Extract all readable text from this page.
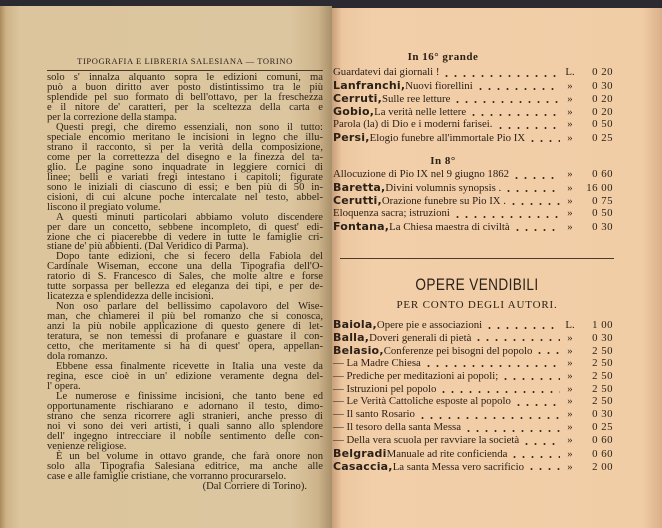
TIPOGRAFIA E LIBRERIA SALESIANA — TORINO
solo s' innalza alquanto sopra le edizioni comuni, ma
può a buon diritto aver posto distintissimo tra le più
splendide pel suo formato di bell'ottavo, per la freschezza
e il nitore de' caratteri, per la sceltezza della carta e
per la correzione della stampa.
Questi pregi, che diremo essenziali, non sono il tutto:
speciale encomio meritano le incisioni in legno che illu-
strano il racconto, sì per la verità della composizione,
come per la correttezza del disegno e la finezza del ta-
glio. Le pagine sono inquadrate in leggiere cornici di
linee; belli e variati fregi intestano i capitoli; figurate
sono le iniziali di ciascuno di essi; e ben più di 50 in-
cisioni, di cui alcune poche intercalate nel testo, abbel-
liscono il pregiato volume.
A questi minuti particolari abbiamo voluto discendere
per dare un concetto, sebbene incompleto, di quest' edi-
zione che ci piacerebbe di vedere in tutte le famiglie cri-
stiane de' più abbienti. (Dal Veridico di Parma).
Dopo tante edizioni, che si fecero della Fabiola del
Cardinale Wiseman, eccone una della Tipografia dell'O-
ratorio di S. Francesco di Sales, che molte altre e forse
tutte sorpassa per bellezza ed eleganza dei tipi, e per de-
licatezza e splendidezza delle incisioni.
Non oso parlare del bellissimo capolavoro del Wise-
man, che chiamerei il più bel romanzo che si conosca,
anzi la più nobile applicazione di questo genere di let-
teratura, se non temessi di profanare e guastare il con-
cetto, che meritamente si ha di quest' opera, appellan-
dola romanzo.
Ebbene essa finalmente ricevette in Italia una veste da
regina, esce cioè in un' edizione veramente degna del-
l' opera.
Le numerose e finissime incisioni, che tanto bene ed
opportunamente rischiarano e adornano il testo, dimo-
strano che senza ricorrere agli stranieri, anche presso di
noi vi sono dei veri artisti, i quali sanno allo splendore
dell' ingegno intrecciare il nobile sentimento delle con-
venienze religiose.
È un bel volume in ottavo grande, che farà onore non
solo alla Tipografia Salesiana editrice, ma anche alle
case e alle famiglie cristiane, che vorranno procurarselo.
(Dal Corriere di Torino).
In 16° grande
Guardatevi dai giornali !	L.	0 20
Lanfranchi, Nuovi fiorellini	»	0 30
Cerruti, Sulle ree letture	»	0 20
Gobio, La verità nelle lettere	»	0 20
Parola (la) di Dio e i moderni farisei.	»	0 50
Persi, Elogio funebre all'immortale Pio IX	»	0 25
In 8°
Allocuzione di Pio IX nel 9 giugno 1862	»	0 60
Baretta, Divini volumnis synopsis .	»	16 00
Cerutti, Orazione funebre su Pio IX .	»	0 75
Eloquenza sacra; istruzioni	»	0 50
Fontana, La Chiesa maestra di civiltà	»	0 30
OPERE VENDIBILI
PER CONTO DEGLI AUTORI.
Baiola, Opere pie e associazioni	L.	1 00
Balla, Doveri generali di pietà	»	0 30
Belasio, Conferenze pei bisogni del popolo	»	2 50
— La Madre Chiesa	»	2 50
— Prediche per meditazioni ai popoli;	»	2 50
— Istruzioni pel popolo	»	2 50
— Le Verità Cattoliche esposte al popolo	»	2 50
— Il santo Rosario	»	0 30
— Il tesoro della santa Messa	»	0 25
— Della vera scuola per ravviare la società	»	0 60
Belgradi Manuale ad rite conficienda	»	0 60
Casaccia, La santa Messa vero sacrificio	»	2 00
